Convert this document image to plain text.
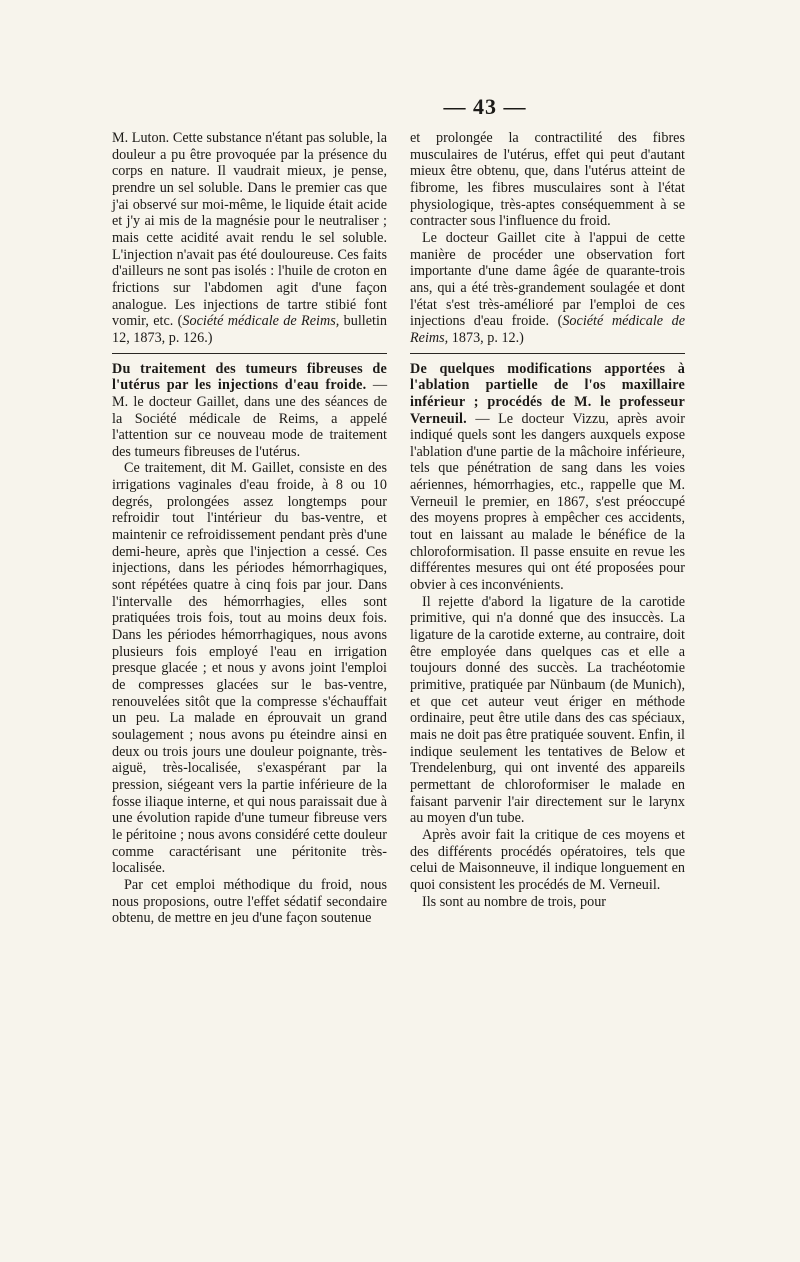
— 43 —

M. Luton. Cette substance n'étant pas soluble, la douleur a pu être provoquée par la présence du corps en nature. Il vaudrait mieux, je pense, prendre un sel soluble. Dans le premier cas que j'ai observé sur moi-même, le liquide était acide et j'y ai mis de la magnésie pour le neutraliser ; mais cette acidité avait rendu le sel soluble. L'injection n'avait pas été douloureuse. Ces faits d'ailleurs ne sont pas isolés : l'huile de croton en frictions sur l'abdomen agit d'une façon analogue. Les injections de tartre stibié font vomir, etc. (Société médicale de Reims, bulletin 12, 1873, p. 126.)

Du traitement des tumeurs fibreuses de l'utérus par les injections d'eau froide. — M. le docteur Gaillet, dans une des séances de la Société médicale de Reims, a appelé l'attention sur ce nouveau mode de traitement des tumeurs fibreuses de l'utérus.

Ce traitement, dit M. Gaillet, consiste en des irrigations vaginales d'eau froide, à 8 ou 10 degrés, prolongées assez longtemps pour refroidir tout l'intérieur du bas-ventre, et maintenir ce refroidissement pendant près d'une demi-heure, après que l'injection a cessé. Ces injections, dans les périodes hémorrhagiques, sont répétées quatre à cinq fois par jour. Dans l'intervalle des hémorrhagies, elles sont pratiquées trois fois, tout au moins deux fois. Dans les périodes hémorrhagiques, nous avons plusieurs fois employé l'eau en irrigation presque glacée ; et nous y avons joint l'emploi de compresses glacées sur le bas-ventre, renouvelées sitôt que la compresse s'échauffait un peu. La malade en éprouvait un grand soulagement ; nous avons pu éteindre ainsi en deux ou trois jours une douleur poignante, très-aiguë, très-localisée, s'exaspérant par la pression, siégeant vers la partie inférieure de la fosse iliaque interne, et qui nous paraissait due à une évolution rapide d'une tumeur fibreuse vers le péritoine ; nous avons considéré cette douleur comme caractérisant une péritonite très-localisée.

Par cet emploi méthodique du froid, nous nous proposions, outre l'effet sédatif secondaire obtenu, de mettre en jeu d'une façon soutenue

et prolongée la contractilité des fibres musculaires de l'utérus, effet qui peut d'autant mieux être obtenu, que, dans l'utérus atteint de fibrome, les fibres musculaires sont à l'état physiologique, très-aptes conséquemment à se contracter sous l'influence du froid.

Le docteur Gaillet cite à l'appui de cette manière de procéder une observation fort importante d'une dame âgée de quarante-trois ans, qui a été très-grandement soulagée et dont l'état s'est très-amélioré par l'emploi de ces injections d'eau froide. (Société médicale de Reims, 1873, p. 12.)

De quelques modifications apportées à l'ablation partielle de l'os maxillaire inférieur ; procédés de M. le professeur Verneuil. — Le docteur Vizzu, après avoir indiqué quels sont les dangers auxquels expose l'ablation d'une partie de la mâchoire inférieure, tels que pénétration de sang dans les voies aériennes, hémorrhagies, etc., rappelle que M. Verneuil le premier, en 1867, s'est préoccupé des moyens propres à empêcher ces accidents, tout en laissant au malade le bénéfice de la chloroformisation. Il passe ensuite en revue les différentes mesures qui ont été proposées pour obvier à ces inconvénients.

Il rejette d'abord la ligature de la carotide primitive, qui n'a donné que des insuccès. La ligature de la carotide externe, au contraire, doit être employée dans quelques cas et elle a toujours donné des succès. La trachéotomie primitive, pratiquée par Nünbaum (de Munich), et que cet auteur veut ériger en méthode ordinaire, peut être utile dans des cas spéciaux, mais ne doit pas être pratiquée souvent. Enfin, il indique seulement les tentatives de Below et Trendelenburg, qui ont inventé des appareils permettant de chloroformiser le malade en faisant parvenir l'air directement sur le larynx au moyen d'un tube.

Après avoir fait la critique de ces moyens et des différents procédés opératoires, tels que celui de Maisonneuve, il indique longuement en quoi consistent les procédés de M. Verneuil.

Ils sont au nombre de trois, pour
